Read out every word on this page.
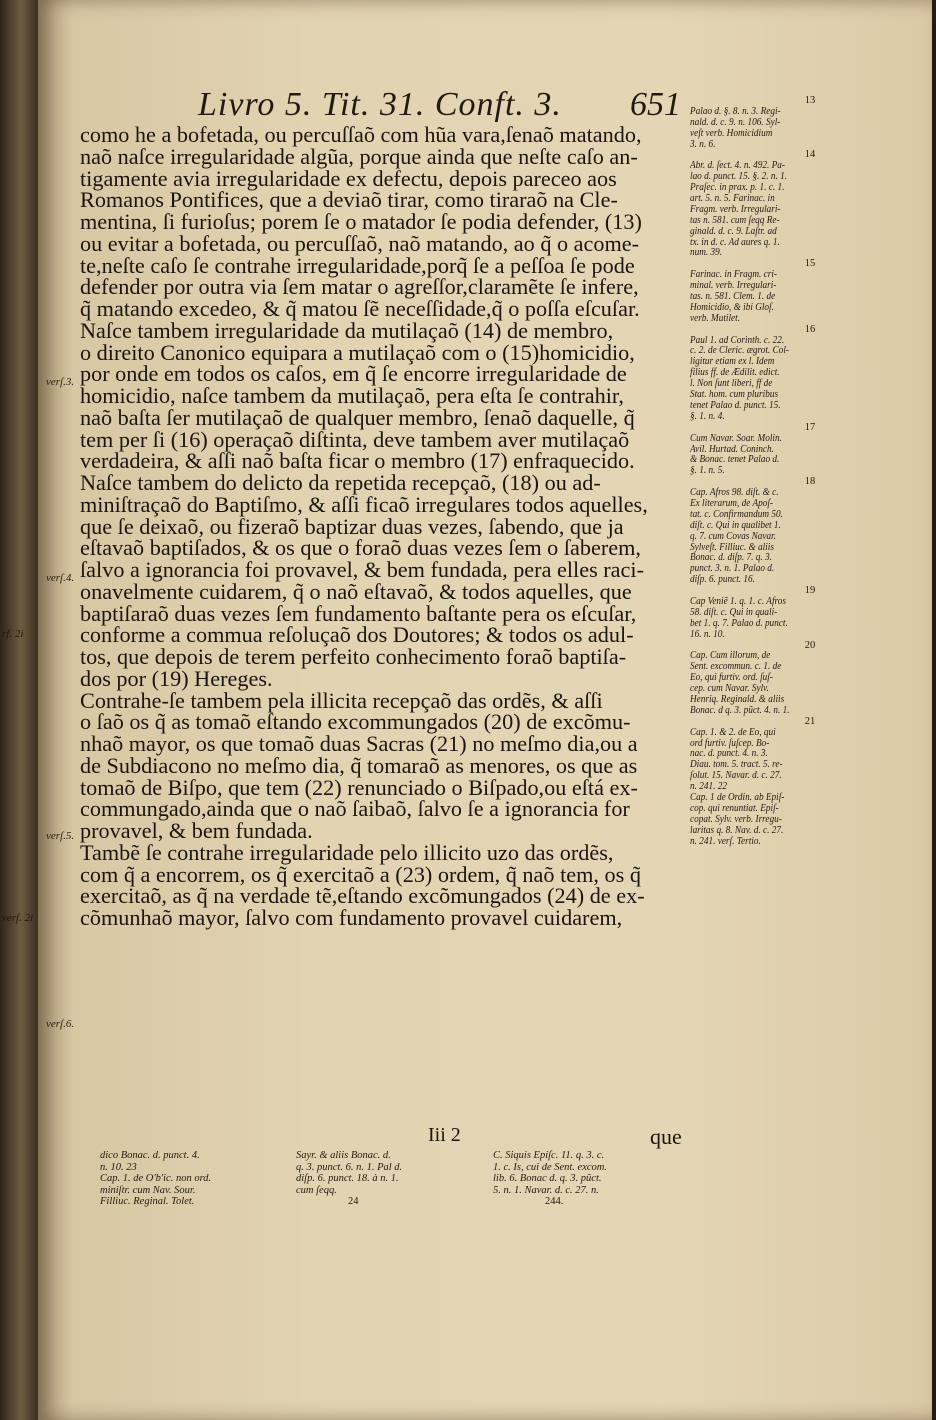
rf. 2i
verf. 2i
Livro 5. Tit. 31. Conft. 3. 651
como he a bofetada, ou percuſſaõ com hũa vara,ſenaõ matando,
naõ naſce irregularidade algũa, porque ainda que neſte caſo an-
tigamente avia irregularidade ex defectu, depois pareceo aos
Romanos Pontifices, que a deviaõ tirar, como tiraraõ na Cle-
mentina, ſi furioſus; porem ſe o matador ſe podia defender, (13)
ou evitar a bofetada, ou percuſſaõ, naõ matando, ao q̃ o acome-
te,neſte caſo ſe contrahe irregularidade,porq̃ ſe a peſſoa ſe pode
defender por outra via ſem matar o agreſſor,claramẽte ſe infere,
q̃ matando excedeo, & q̃ matou ſẽ neceſſidade,q̃ o poſſa eſcuſar.
Naſce tambem irregularidade da mutilaçaõ (14) de membro,
o direito Canonico equipara a mutilaçaõ com o (15)homicidio,
por onde em todos os caſos, em q̃ ſe encorre irregularidade de
homicidio, naſce tambem da mutilaçaõ, pera eſta ſe contrahir,
naõ baſta ſer mutilaçaõ de qualquer membro, ſenaõ daquelle, q̃
tem per ſi (16) operaçaõ diſtinta, deve tambem aver mutilaçaõ
verdadeira, & aſſi naõ baſta ficar o membro (17) enfraquecido.
Naſce tambem do delicto da repetida recepçaõ, (18) ou ad-
miniſtraçaõ do Baptiſmo, & aſſi ficaõ irregulares todos aquelles,
que ſe deixaõ, ou fizeraõ baptizar duas vezes, ſabendo, que ja
eſtavaõ baptiſados, & os que o foraõ duas vezes ſem o ſaberem,
ſalvo a ignorancia foi provavel, & bem fundada, pera elles raci-
onavelmente cuidarem, q̃ o naõ eſtavaõ, & todos aquelles, que
baptiſaraõ duas vezes ſem fundamento baſtante pera os eſcuſar,
conforme a commua reſoluçaõ dos Doutores; & todos os adul-
tos, que depois de terem perfeito conhecimento foraõ baptiſa-
dos por (19) Hereges.
Contrahe-ſe tambem pela illicita recepçaõ das ordẽs, & aſſi
o ſaõ os q̃ as tomaõ eſtando excommungados (20) de excõmu-
nhaõ mayor, os que tomaõ duas Sacras (21) no meſmo dia,ou a
de Subdiacono no meſmo dia, q̃ tomaraõ as menores, os que as
tomaõ de Biſpo, que tem (22) renunciado o Biſpado,ou eſtá ex-
commungado,ainda que o naõ ſaibaõ, ſalvo ſe a ignorancia for
provavel, & bem fundada.
Tambẽ ſe contrahe irregularidade pelo illicito uzo das ordẽs,
com q̃ a encorrem, os q̃ exercitaõ a (23) ordem, q̃ naõ tem, os q̃
exercitaõ, as q̃ na verdade tẽ,eſtando excõmungados (24) de ex-
cõmunhaõ mayor, ſalvo com fundamento provavel cuidarem,
verſ.3.
verſ.4.
verſ.5.
verſ.6.
13
Palao d. §. 8. n. 3. Regi-
nald. d. c. 9. n. 106. Syl-
veſt verb. Homicidium
3. n. 6.
14
Abr. d. ſect. 4. n. 492. Pa-
lao d. punct. 15. §. 2. n. 1.
Praſec. in prax. p. 1. c. 1.
art. 5. n. 5. Farinac. in
Fragm. verb. Irregulari-
tas n. 581. cum ſeqq Re-
ginald. d. c. 9. Laſtr. ad
tx. in d. c. Ad aures q. 1.
num. 39.
15
Farinac. in Fragm. cri-
minal. verb. Irregulari-
tas. n. 581. Clem. 1. de
Homicidio, & ibi Gloſ.
verb. Mutilet.
16
Paul 1. ad Corinth. c. 22.
c. 2. de Cleric. ægrot. Col-
ligitur etiam ex l. Idem
filius ff. de Ædilit. edict.
l. Non ſunt liberi, ff de
Stat. hom. cum pluribus
tenet Palao d. punct. 15.
§. 1. n. 4.
17
Cum Navar. Soar. Molin.
Avil. Hurtad. Coninch.
& Bonac. tenet Palao d.
§. 1. n. 5.
18
Cap. Afros 98. diſt. & c.
Ex literarum, de Apoſ-
tat. c. Confirmandum 50.
diſt. c. Qui in qualibet 1.
q. 7. cum Covas Navar.
Sylveſt. Filliuc. & aliis
Bonac. d. diſp. 7. q. 3.
punct. 3. n. 1. Palao d.
diſp. 6. punct. 16.
19
Cap Veniẽ 1. q. 1. c. Afros
58. diſt. c. Qui in quali-
bet 1. q. 7. Palao d. punct.
16. n. 10.
20
Cap. Cum illorum, de
Sent. excommun. c. 1. de
Eo, qui furtiv. ord. ſuſ-
cep. cum Navar. Sylv.
Henriq. Reginald. & aliis
Bonac. d q. 3. pũct. 4. n. 1.
21
Cap. 1. & 2. de Eo, qui
ord furtiv. ſuſcep. Bo-
nac. d. punct. 4. n. 3.
Diau. tom. 5. tract. 5. re-
ſolut. 15. Navar. d. c. 27.
n. 241. 22
Cap. 1 de Ordin. ab Epiſ-
cop. qui renuntiat. Epiſ-
copat. Sylv. verb. Irregu-
laritas q. 8. Nav. d. c. 27.
n. 241. verſ. Tertio.
Iii 2	que
dico Bonac. d. punct. 4.
n. 10. 23
Cap. 1. de O'b'ic. non ord.
miniſtr. cum Nav. Sour.
Filliuc. Reginal. Tolet.
Sayr. & aliis Bonac. d.
q. 3. punct. 6. n. 1. Pal d.
diſp. 6. punct. 18. à n. 1.
cum ſeqq.
24
C. Siquis Epiſc. 11. q. 3. c.
1. c. Is, cui de Sent. excom.
lib. 6. Bonac d. q. 3. pũct.
5. n. 1. Navar. d. c. 27. n.
244.
